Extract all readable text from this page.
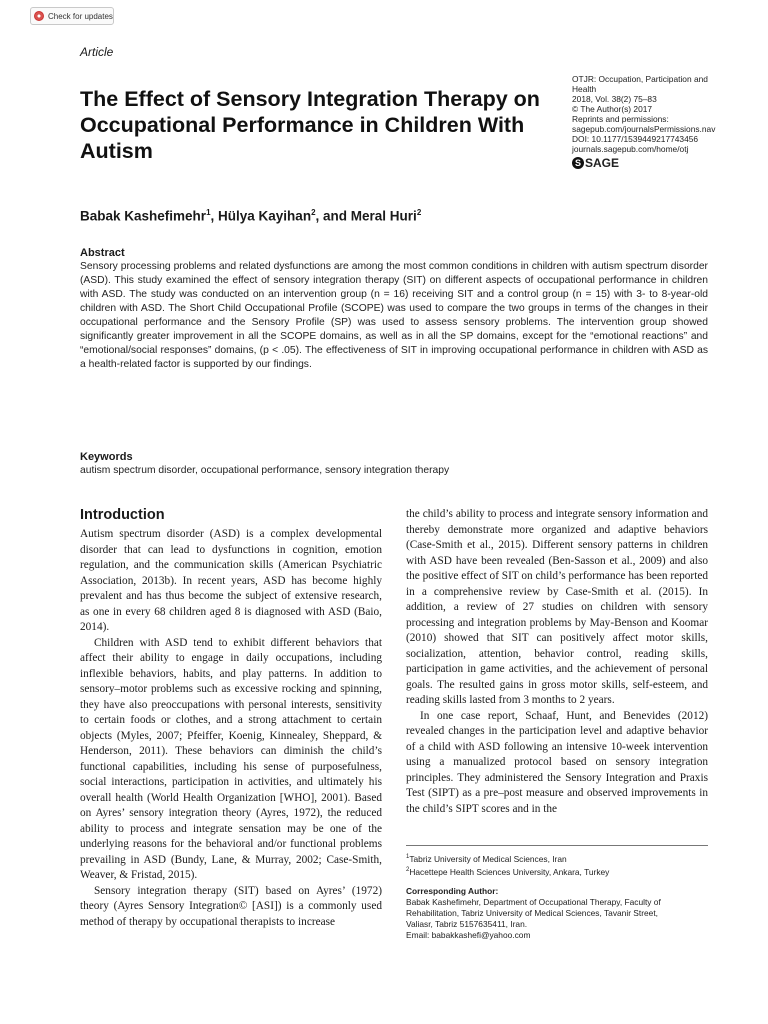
Check for updates
Article
The Effect of Sensory Integration Therapy on Occupational Performance in Children With Autism
OTJR: Occupation, Participation and Health
2018, Vol. 38(2) 75–83
© The Author(s) 2017
Reprints and permissions:
sagepub.com/journalsPermissions.nav
DOI: 10.1177/1539449217743456
journals.sagepub.com/home/otj
S SAGE
Babak Kashefimehr$^1$, Hülya Kayihan$^2$, and Meral Huri$^2$
Abstract
Sensory processing problems and related dysfunctions are among the most common conditions in children with autism spectrum disorder (ASD). This study examined the effect of sensory integration therapy (SIT) on different aspects of occupational performance in children with ASD. The study was conducted on an intervention group (n = 16) receiving SIT and a control group (n = 15) with 3- to 8-year-old children with ASD. The Short Child Occupational Profile (SCOPE) was used to compare the two groups in terms of the changes in their occupational performance and the Sensory Profile (SP) was used to assess sensory problems. The intervention group showed significantly greater improvement in all the SCOPE domains, as well as in all the SP domains, except for the “emotional reactions” and “emotional/social responses” domains, (p < .05). The effectiveness of SIT in improving occupational performance in children with ASD as a health-related factor is supported by our findings.
Keywords
autism spectrum disorder, occupational performance, sensory integration therapy
Introduction

Autism spectrum disorder (ASD) is a complex developmental disorder that can lead to dysfunctions in cognition, emotion regulation, and the communication skills (American Psychiatric Association, 2013b). In recent years, ASD has become highly prevalent and has thus become the subject of extensive research, as one in every 68 children aged 8 is diagnosed with ASD (Baio, 2014).

Children with ASD tend to exhibit different behaviors that affect their ability to engage in daily occupations, including inflexible behaviors, habits, and play patterns. In addition to sensory–motor problems such as excessive rocking and spinning, they have also preoccupations with personal interests, sensitivity to certain foods or clothes, and a strong attachment to certain objects (Myles, 2007; Pfeiffer, Koenig, Kinnealey, Sheppard, & Henderson, 2011). These behaviors can diminish the child’s functional capabilities, including his sense of purposefulness, social interactions, participation in activities, and ultimately his overall health (World Health Organization [WHO], 2001). Based on Ayres’ sensory integration theory (Ayres, 1972), the reduced ability to process and integrate sensation may be one of the underlying reasons for the behavioral and/or functional problems prevailing in ASD (Bundy, Lane, & Murray, 2002; Case-Smith, Weaver, & Fristad, 2015).

Sensory integration therapy (SIT) based on Ayres’ (1972) theory (Ayres Sensory Integration© [ASI]) is a commonly used method of therapy by occupational therapists to increase

the child’s ability to process and integrate sensory information and thereby demonstrate more organized and adaptive behaviors (Case-Smith et al., 2015). Different sensory patterns in children with ASD have been revealed (Ben-Sasson et al., 2009) and also the positive effect of SIT on child’s performance has been reported in a comprehensive review by Case-Smith et al. (2015). In addition, a review of 27 studies on children with sensory processing and integration problems by May-Benson and Koomar (2010) showed that SIT can positively affect motor skills, socialization, attention, behavior control, reading skills, participation in game activities, and the achievement of personal goals. The resulted gains in gross motor skills, self-esteem, and reading skills lasted from 3 months to 2 years.

In one case report, Schaaf, Hunt, and Benevides (2012) revealed changes in the participation level and adaptive behavior of a child with ASD following an intensive 10-week intervention using a manualized protocol based on sensory integration principles. They administered the Sensory Integration and Praxis Test (SIPT) as a pre–post measure and observed improvements in the child’s SIPT scores and in the

$^1$Tabriz University of Medical Sciences, Iran
$^2$Hacettepe Health Sciences University, Ankara, Turkey
Corresponding Author:
Babak Kashefimehr, Department of Occupational Therapy, Faculty of
Rehabilitation, Tabriz University of Medical Sciences, Tavanir Street,
Valiasr, Tabriz 5157635411, Iran.
Email: babakkashefi@yahoo.com
